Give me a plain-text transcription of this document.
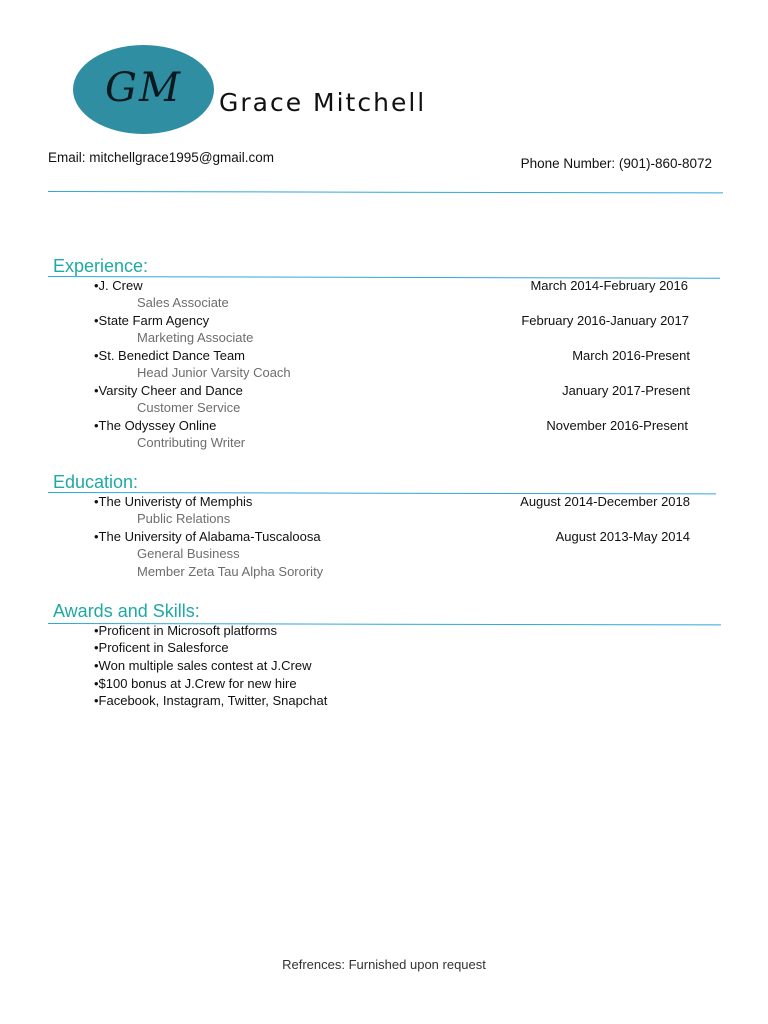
GM Grace Mitchell
Email: mitchellgrace1995@gmail.com	Phone Number: (901)-860-8072
Experience:
•J. Crew	March 2014-February 2016
Sales Associate
•State Farm Agency	February 2016-January 2017
Marketing Associate
•St. Benedict Dance Team	March 2016-Present
Head Junior Varsity Coach
•Varsity Cheer and Dance	January 2017-Present
Customer Service
•The Odyssey Online	November 2016-Present
Contributing Writer
Education:
•The Univeristy of Memphis	August 2014-December 2018
Public Relations
•The University of Alabama-Tuscaloosa	August 2013-May 2014
General Business
Member Zeta Tau Alpha Sorority
Awards and Skills:
•Proficent in Microsoft platforms
•Proficent in Salesforce
•Won multiple sales contest at J.Crew
•$100 bonus at J.Crew for new hire
•Facebook, Instagram, Twitter, Snapchat
Refrences: Furnished upon request
